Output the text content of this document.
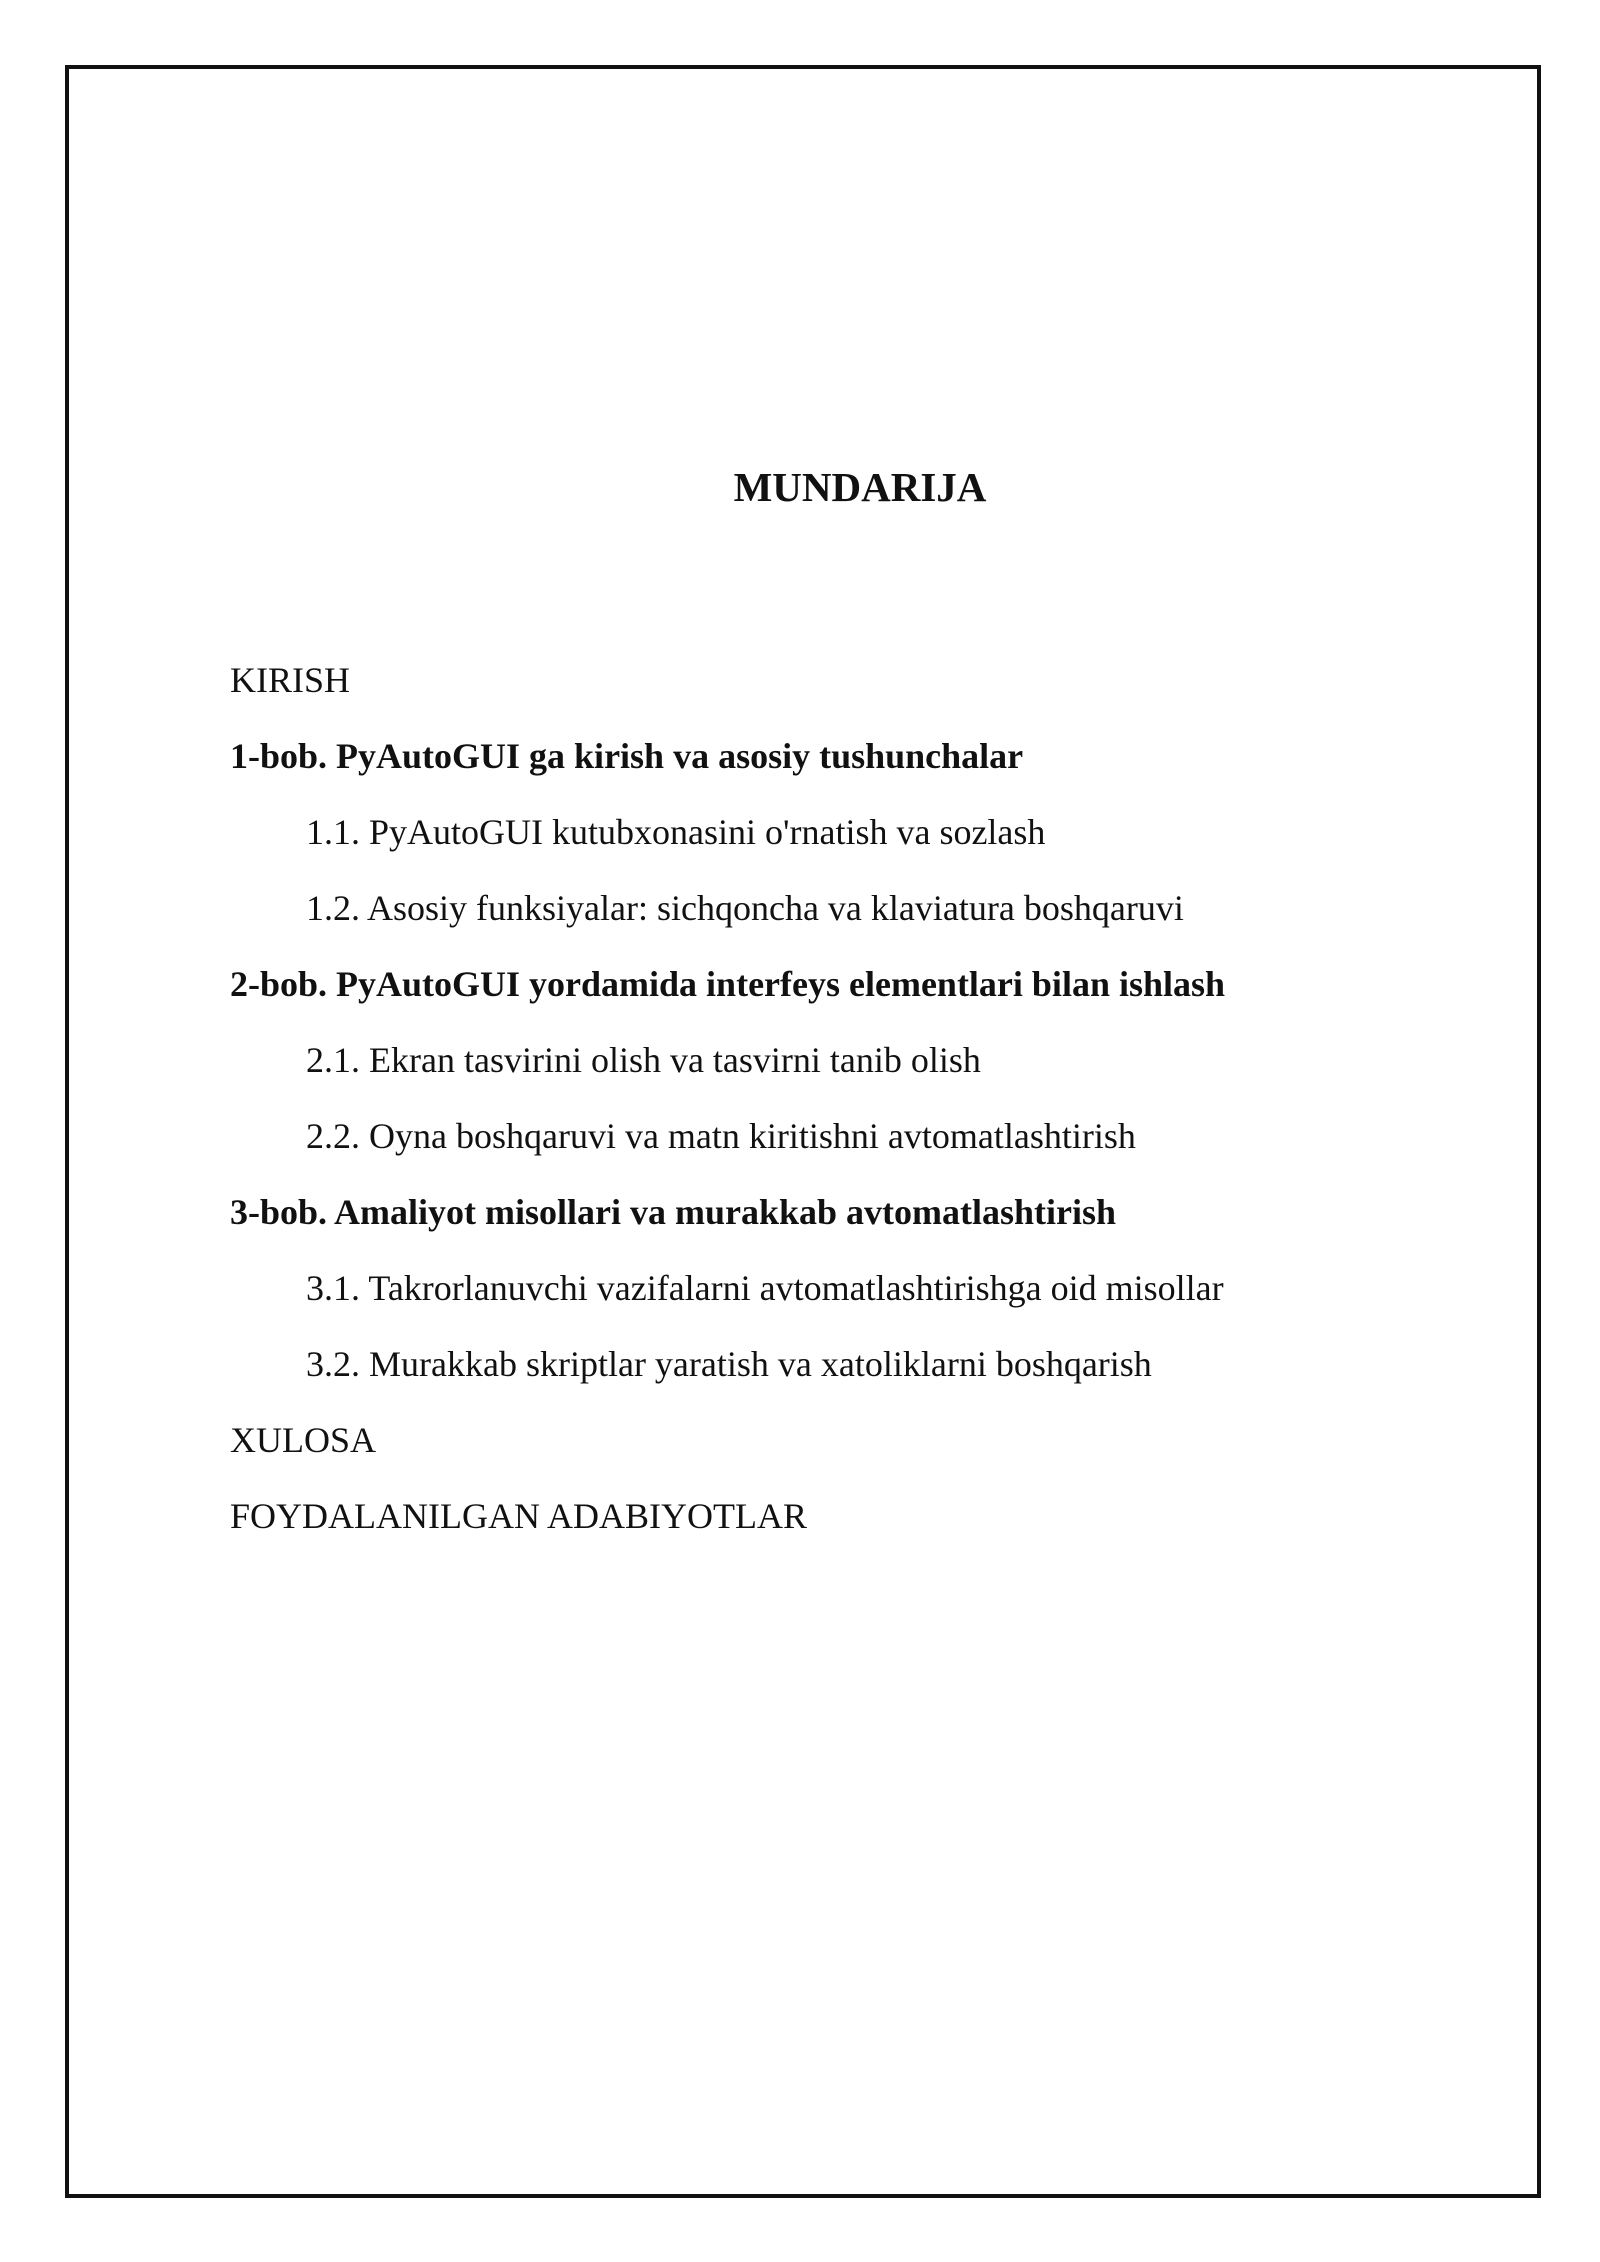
MUNDARIJA
KIRISH
1-bob. PyAutoGUI ga kirish va asosiy tushunchalar
1.1. PyAutoGUI kutubxonasini o'rnatish va sozlash
1.2. Asosiy funksiyalar: sichqoncha va klaviatura boshqaruvi
2-bob. PyAutoGUI yordamida interfeys elementlari bilan ishlash
2.1. Ekran tasvirini olish va tasvirni tanib olish
2.2. Oyna boshqaruvi va matn kiritishni avtomatlashtirish
3-bob. Amaliyot misollari va murakkab avtomatlashtirish
3.1. Takrorlanuvchi vazifalarni avtomatlashtirishga oid misollar
3.2. Murakkab skriptlar yaratish va xatoliklarni boshqarish
XULOSA
FOYDALANILGAN ADABIYOTLAR
